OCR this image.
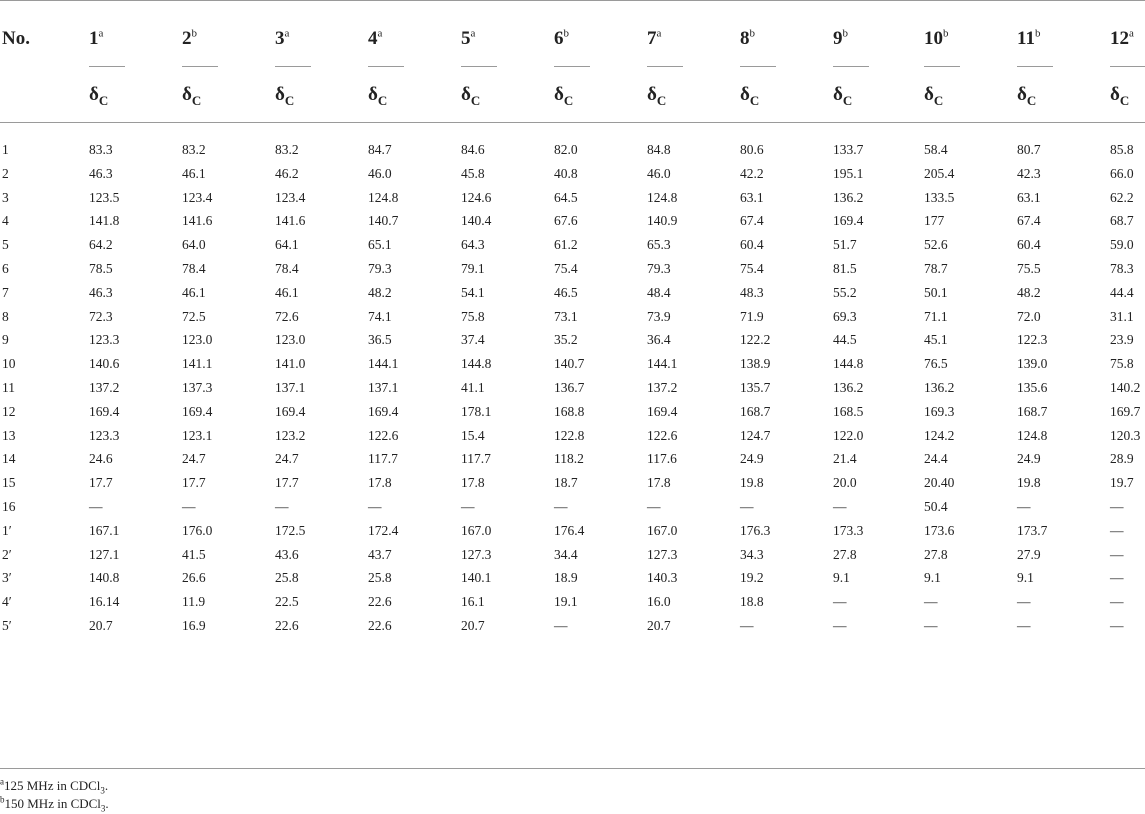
No.	1$^a$	2$^b$	3$^a$	4$^a$	5$^a$	6$^b$	7$^a$	8$^b$	9$^b$	10$^b$	11$^b$	12$^a$
$\delta_C$	$\delta_C$	$\delta_C$	$\delta_C$	$\delta_C$	$\delta_C$	$\delta_C$	$\delta_C$	$\delta_C$	$\delta_C$	$\delta_C$	$\delta_C$
1	83.3	83.2	83.2	84.7	84.6	82.0	84.8	80.6	133.7	58.4	80.7	85.8
2	46.3	46.1	46.2	46.0	45.8	40.8	46.0	42.2	195.1	205.4	42.3	66.0
3	123.5	123.4	123.4	124.8	124.6	64.5	124.8	63.1	136.2	133.5	63.1	62.2
4	141.8	141.6	141.6	140.7	140.4	67.6	140.9	67.4	169.4	177	67.4	68.7
5	64.2	64.0	64.1	65.1	64.3	61.2	65.3	60.4	51.7	52.6	60.4	59.0
6	78.5	78.4	78.4	79.3	79.1	75.4	79.3	75.4	81.5	78.7	75.5	78.3
7	46.3	46.1	46.1	48.2	54.1	46.5	48.4	48.3	55.2	50.1	48.2	44.4
8	72.3	72.5	72.6	74.1	75.8	73.1	73.9	71.9	69.3	71.1	72.0	31.1
9	123.3	123.0	123.0	36.5	37.4	35.2	36.4	122.2	44.5	45.1	122.3	23.9
10	140.6	141.1	141.0	144.1	144.8	140.7	144.1	138.9	144.8	76.5	139.0	75.8
11	137.2	137.3	137.1	137.1	41.1	136.7	137.2	135.7	136.2	136.2	135.6	140.2
12	169.4	169.4	169.4	169.4	178.1	168.8	169.4	168.7	168.5	169.3	168.7	169.7
13	123.3	123.1	123.2	122.6	15.4	122.8	122.6	124.7	122.0	124.2	124.8	120.3
14	24.6	24.7	24.7	117.7	117.7	118.2	117.6	24.9	21.4	24.4	24.9	28.9
15	17.7	17.7	17.7	17.8	17.8	18.7	17.8	19.8	20.0	20.40	19.8	19.7
16	—	—	—	—	—	—	—	—	—	50.4	—	—
1′	167.1	176.0	172.5	172.4	167.0	176.4	167.0	176.3	173.3	173.6	173.7	—
2′	127.1	41.5	43.6	43.7	127.3	34.4	127.3	34.3	27.8	27.8	27.9	—
3′	140.8	26.6	25.8	25.8	140.1	18.9	140.3	19.2	9.1	9.1	9.1	—
4′	16.14	11.9	22.5	22.6	16.1	19.1	16.0	18.8	—	—	—	—
5′	20.7	16.9	22.6	22.6	20.7	—	20.7	—	—	—	—	—
$^a$125 MHz in CDCl$_3$.
$^b$150 MHz in CDCl$_3$.
